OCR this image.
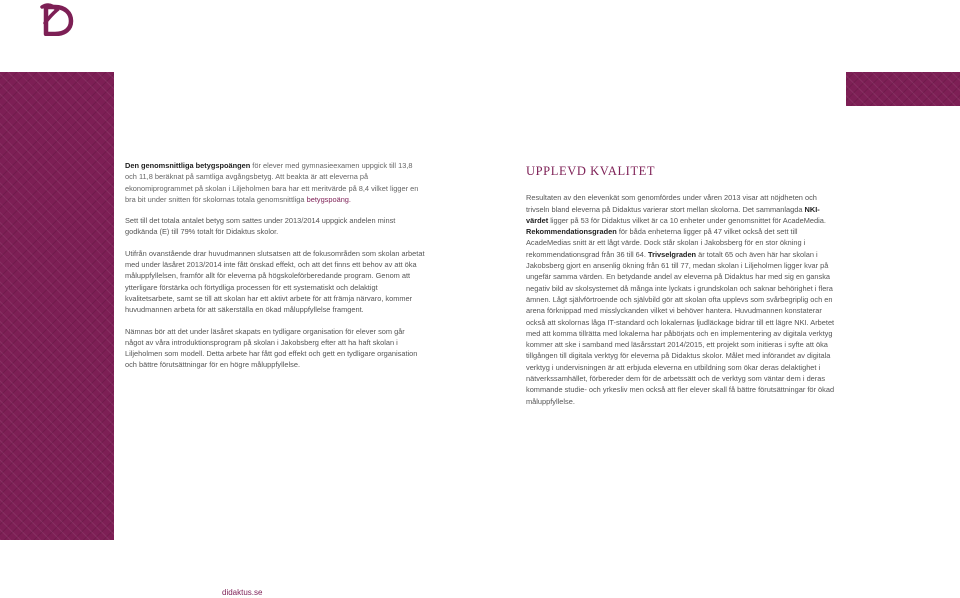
Den genomsnittliga betygspoängen för elever med gymnasieexamen uppgick till 13,8 och 11,8 beräknat på samtliga avgångsbetyg. Att beakta är att eleverna på ekonomiprogrammet på skolan i Liljeholmen bara har ett meritvärde på 8,4 vilket ligger en bra bit under snitten för skolornas totala genomsnittliga betygspoäng.

Sett till det totala antalet betyg som sattes under 2013/2014 uppgick andelen minst godkända (E) till 79% totalt för Didaktus skolor.

Utifrån ovanstående drar huvudmannen slutsatsen att de fokusområden som skolan arbetat med under läsåret 2013/2014 inte fått önskad effekt, och att det finns ett behov av att öka måluppfyllelsen, framför allt för eleverna på högskoleförberedande program. Genom att ytterligare förstärka och förtydliga processen för ett systematiskt och delaktigt kvalitetsarbete, samt se till att skolan har ett aktivt arbete för att främja närvaro, kommer huvudmannen arbeta för att säkerställa en ökad måluppfyllelse framgent.

Nämnas bör att det under läsåret skapats en tydligare organisation för elever som går något av våra introduktionsprogram på skolan i Jakobsberg efter att ha haft skolan i Liljeholmen som modell. Detta arbete har fått god effekt och gett en tydligare organisation och bättre förutsättningar för en högre måluppfyllelse.

UPPLEVD KVALITET

Resultaten av den elevenkät som genomfördes under våren 2013 visar att nöjdheten och trivseln bland eleverna på Didaktus varierar stort mellan skolorna. Det sammanlagda NKI-värdet ligger på 53 för Didaktus vilket är ca 10 enheter under genomsnittet för AcadeMedia. Rekommendationsgraden för båda enheterna ligger på 47 vilket också det sett till AcadeMedias snitt är ett lågt värde. Dock står skolan i Jakobsberg för en stor ökning i rekommendationsgrad från 36 till 64. Trivselgraden är totalt 65 och även här har skolan i Jakobsberg gjort en ansenlig ökning från 61 till 77, medan skolan i Liljeholmen ligger kvar på ungefär samma värden. En betydande andel av eleverna på Didaktus har med sig en ganska negativ bild av skolsystemet då många inte lyckats i grundskolan och saknar behörighet i flera ämnen. Lågt självförtroende och självbild gör att skolan ofta upplevs som svårbegriplig och en arena förknippad med misslyckanden vilket vi behöver hantera. Huvudmannen konstaterar också att skolornas låga IT-standard och lokalernas ljudläckage bidrar till ett lägre NKI. Arbetet med att komma tillrätta med lokalerna har påbörjats och en implementering av digitala verktyg kommer att ske i samband med läsårsstart 2014/2015, ett projekt som initieras i syfte att öka tillgången till digitala verktyg för eleverna på Didaktus skolor. Målet med införandet av digitala verktyg i undervisningen är att erbjuda eleverna en utbildning som ökar deras delaktighet i nätverkssamhället, förbereder dem för de arbetssätt och de verktyg som väntar dem i deras kommande studie- och yrkesliv men också att fler elever skall få bättre förutsättningar för ökad måluppfyllelse.

didaktus.se
